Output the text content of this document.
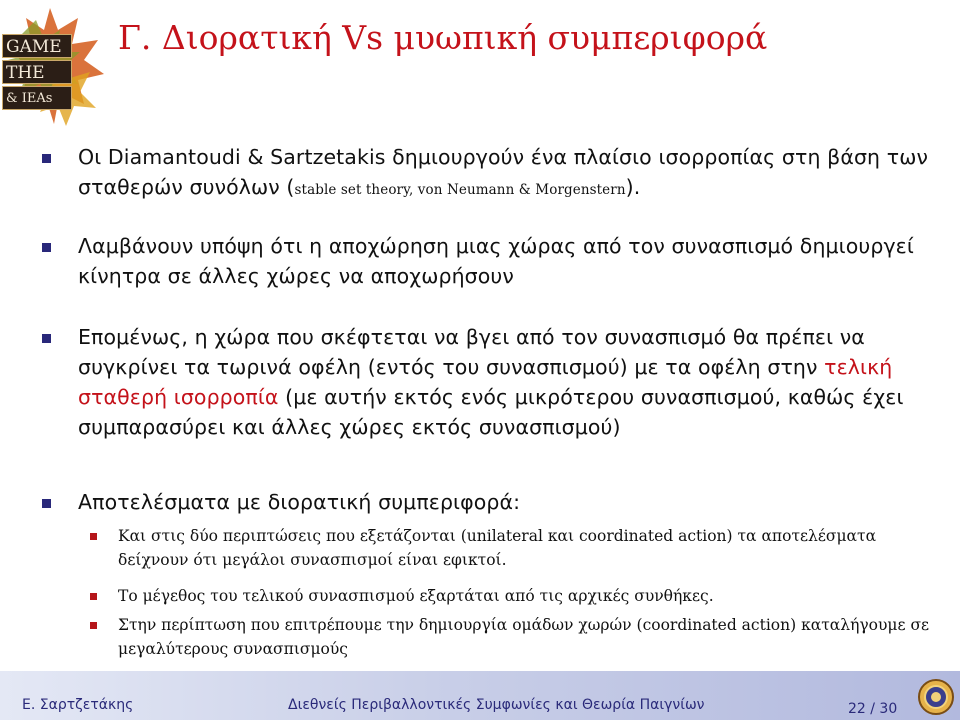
GAME
THE
& IEAs
Γ. Διορατική Vs μυωπική συμπεριφορά
Οι Diamantoudi & Sartzetakis δημιουργούν ένα πλαίσιο ισορροπίας στη βάση των σταθερών συνόλων (stable set theory, von Neumann & Morgenstern).
Λαμβάνουν υπόψη ότι η αποχώρηση μιας χώρας από τον συνασπισμό δημιουργεί κίνητρα σε άλλες χώρες να αποχωρήσουν
Επομένως, η χώρα που σκέφτεται να βγει από τον συνασπισμό θα πρέπει να συγκρίνει τα τωρινά οφέλη (εντός του συνασπισμού) με τα οφέλη στην τελική σταθερή ισορροπία (με αυτήν εκτός ενός μικρότερου συνασπισμού, καθώς έχει συμπαρασύρει και άλλες χώρες εκτός συνασπισμού)
Αποτελέσματα με διορατική συμπεριφορά:
Και στις δύο περιπτώσεις που εξετάζονται (unilateral και coordinated action) τα αποτελέσματα δείχνουν ότι μεγάλοι συνασπισμοί είναι εφικτοί.
Το μέγεθος του τελικού συνασπισμού εξαρτάται από τις αρχικές συνθήκες.
Στην περίπτωση που επιτρέπουμε την δημιουργία ομάδων χωρών (coordinated action) καταλήγουμε σε μεγαλύτερους συνασπισμούς
Ε. Σαρτζετάκης	Διεθνείς Περιβαλλοντικές Συμφωνίες και Θεωρία Παιγνίων	22 / 30
